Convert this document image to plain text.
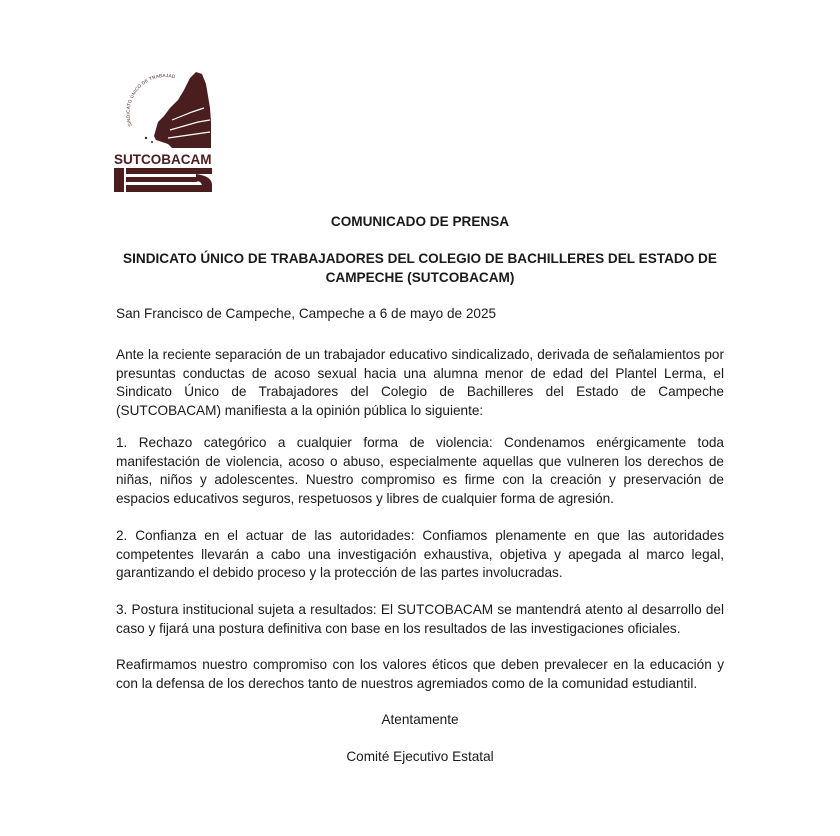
SINDICATO ÚNICO DE TRABAJAD
SUTCOBACAM
COMUNICADO DE PRENSA
SINDICATO ÚNICO DE TRABAJADORES DEL COLEGIO DE BACHILLERES DEL ESTADO DE CAMPECHE (SUTCOBACAM)
San Francisco de Campeche, Campeche a 6 de mayo de 2025
Ante la reciente separación de un trabajador educativo sindicalizado, derivada de señalamientos por presuntas conductas de acoso sexual hacia una alumna menor de edad del Plantel Lerma, el Sindicato Único de Trabajadores del Colegio de Bachilleres del Estado de Campeche (SUTCOBACAM) manifiesta a la opinión pública lo siguiente:
1. Rechazo categórico a cualquier forma de violencia: Condenamos enérgicamente toda manifestación de violencia, acoso o abuso, especialmente aquellas que vulneren los derechos de niñas, niños y adolescentes. Nuestro compromiso es firme con la creación y preservación de espacios educativos seguros, respetuosos y libres de cualquier forma de agresión.
2. Confianza en el actuar de las autoridades: Confiamos plenamente en que las autoridades competentes llevarán a cabo una investigación exhaustiva, objetiva y apegada al marco legal, garantizando el debido proceso y la protección de las partes involucradas.
3. Postura institucional sujeta a resultados: El SUTCOBACAM se mantendrá atento al desarrollo del caso y fijará una postura definitiva con base en los resultados de las investigaciones oficiales.
Reafirmamos nuestro compromiso con los valores éticos que deben prevalecer en la educación y con la defensa de los derechos tanto de nuestros agremiados como de la comunidad estudiantil.
Atentamente
Comité Ejecutivo Estatal
